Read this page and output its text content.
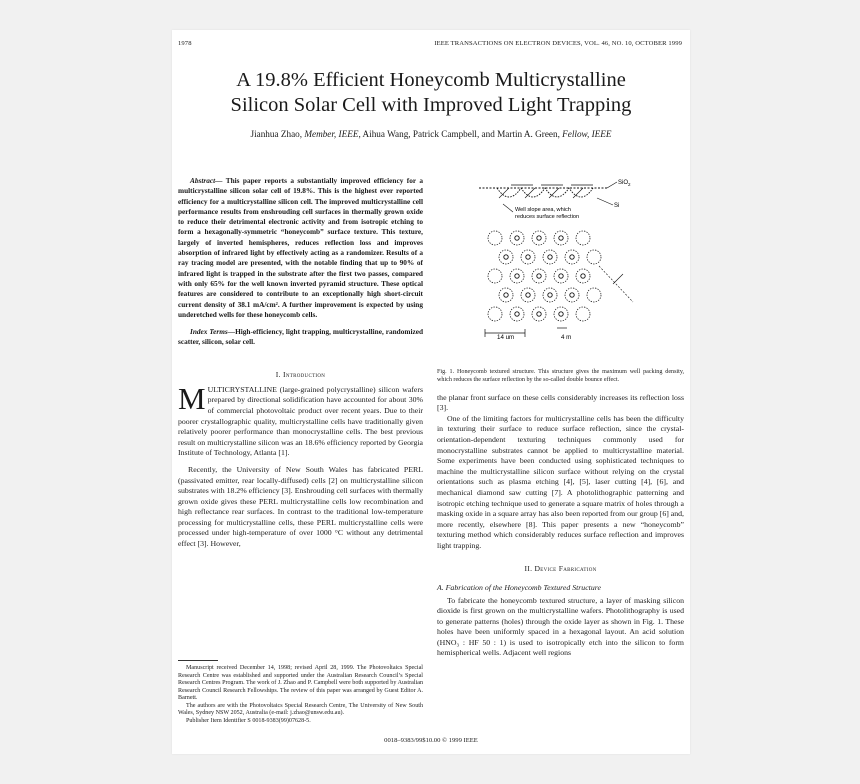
1978	IEEE TRANSACTIONS ON ELECTRON DEVICES, VOL. 46, NO. 10, OCTOBER 1999
A 19.8% Efficient Honeycomb Multicrystalline
Silicon Solar Cell with Improved Light Trapping
Jianhua Zhao, Member, IEEE, Aihua Wang, Patrick Campbell, and Martin A. Green, Fellow, IEEE

Abstract— This paper reports a substantially improved efficiency for a multicrystalline silicon solar cell of 19.8%. This is the highest ever reported efficiency for a multicrystalline silicon cell. The improved multicrystalline cell performance results from enshrouding cell surfaces in thermally grown oxide to reduce their detrimental electronic activity and from isotropic etching to form a hexagonally-symmetric “honeycomb” surface texture. This texture, largely of inverted hemispheres, reduces reflection loss and improves absorption of infrared light by effectively acting as a randomizer. Results of a ray tracing model are presented, with the notable finding that up to 90% of infrared light is trapped in the substrate after the first two passes, compared with only 65% for the well known inverted pyramid structure. These optical features are considered to contribute to an exceptionally high short-circuit current density of 38.1 mA/cm². A further improvement is expected by using underetched wells for these honeycomb cells.

Index Terms—High-efficiency, light trapping, multicrystalline, randomized scatter, silicon, solar cell.

I. Introduction

MULTICRYSTALLINE (large-grained polycrystalline) silicon wafers prepared by directional solidification have accounted for about 30% of commercial photovoltaic product over recent years. Due to their poorer crystallographic quality, multicrystalline cells have traditionally given relatively poorer performance than monocrystalline cells. The best previous result on multicrystalline silicon was an 18.6% efficiency reported by Georgia Institute of Technology, Atlanta [1].

Recently, the University of New South Wales has fabricated PERL (passivated emitter, rear locally-diffused) cells [2] on multicrystalline silicon substrates with 18.2% efficiency [3]. Enshrouding cell surfaces with thermally grown oxide gives these PERL multicrystalline cells low recombination and high reflectance rear surfaces. In contrast to the traditional low-temperature processing for multicrystalline cells, these PERL multicrystalline cells were processed under high-temperature of over 1000 °C without any detrimental effect [3]. However,

Manuscript received December 14, 1998; revised April 28, 1999. The Photovoltaics Special Research Centre was established and supported under the Australian Research Council’s Special Research Centres Program. The work of J. Zhao and P. Campbell were both supported by Australian Research Council Research Fellowships. The review of this paper was arranged by Guest Editor A. Barnett.

The authors are with the Photovoltaics Special Research Centre, The University of New South Wales, Sydney NSW 2052, Australia (e-mail: j.zhao@unsw.edu.au).

Publisher Item Identifier S 0018-9383(99)07628-5.

SiO$_2$
Si
Well slope area, which
reduces surface reflection
14 um	4 m

Fig. 1. Honeycomb textured structure. This structure gives the maximum well packing density, which reduces the surface reflection by the so-called double bounce effect.

the planar front surface on these cells considerably increases its reflection loss [3].

One of the limiting factors for multicrystalline cells has been the difficulty in texturing their surface to reduce surface reflection, since the crystal-orientation-dependent texturing techniques commonly used for monocrystalline substrates cannot be applied to multicrystalline material. Some experiments have been conducted using sophisticated techniques to machine the multicrystalline silicon surface without relying on the crystal orientations such as plasma etching [4], [5], laser cutting [4], [6], and mechanical diamond saw cutting [7]. A photolithographic patterning and isotropic etching technique used to generate a square matrix of holes through a masking oxide in a square array has also been reported from our group [6] and, more recently, elsewhere [8]. This paper presents a new “honeycomb” texturing method which considerably reduces surface reflection and improves light trapping.

II. Device Fabrication

A. Fabrication of the Honeycomb Textured Structure

To fabricate the honeycomb textured structure, a layer of masking silicon dioxide is first grown on the multicrystalline wafers. Photolithography is used to generate patterns (holes) through the oxide layer as shown in Fig. 1. These holes have been uniformly spaced in a hexagonal layout. An acid solution (HNO₃ : HF 50 : 1) is used to isotropically etch into the silicon to form hemispherical wells. Adjacent well regions

0018–9383/99$10.00 © 1999 IEEE
